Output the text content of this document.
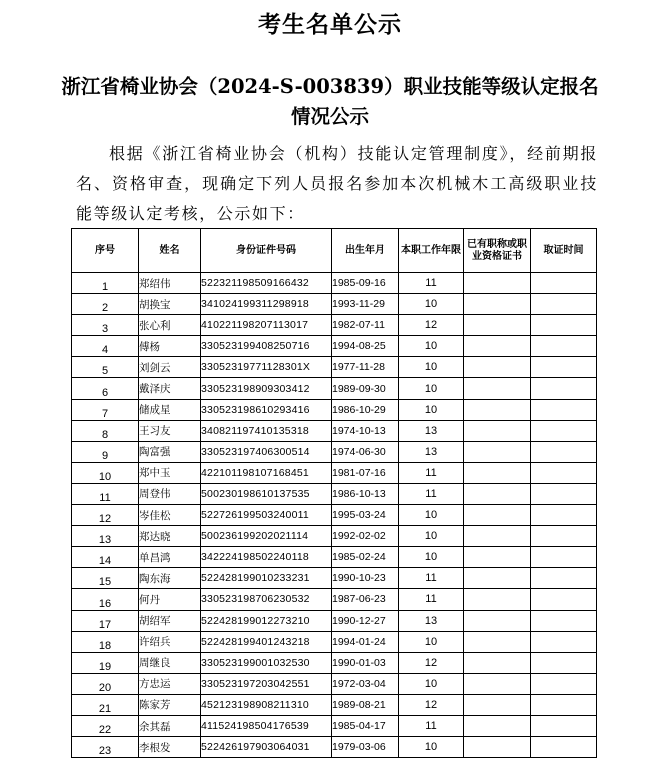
考生名单公示
浙江省椅业协会（2024-S-003839）职业技能等级认定报名情况公示
根据《浙江省椅业协会（机构）技能认定管理制度》，经前期报名、资格审查，现确定下列人员报名参加本次机械木工高级职业技能等级认定考核，公示如下：
序号	姓名	身份证件号码	出生年月	本职工作年限	已有职称或职业资格证书	取证时间
1	郑绍伟	522321198509166432	1985-09-16	11		
2	胡换宝	341024199311298918	1993-11-29	10		
3	张心利	410221198207113017	1982-07-11	12		
4	傅杨	330523199408250716	1994-08-25	10		
5	刘剑云	33052319771128301X	1977-11-28	10		
6	戴泽庆	330523198909303412	1989-09-30	10		
7	储成星	330523198610293416	1986-10-29	10		
8	王习友	340821197410135318	1974-10-13	13		
9	陶富强	330523197406300514	1974-06-30	13		
10	郑中玉	422101198107168451	1981-07-16	11		
11	周登伟	500230198610137535	1986-10-13	11		
12	岑佳松	522726199503240011	1995-03-24	10		
13	郑达晓	500236199202021114	1992-02-02	10		
14	单昌鸿	342224198502240118	1985-02-24	10		
15	陶东海	522428199010233231	1990-10-23	11		
16	何丹	330523198706230532	1987-06-23	11		
17	胡绍军	522428199012273210	1990-12-27	13		
18	许绍兵	522428199401243218	1994-01-24	10		
19	周继良	330523199001032530	1990-01-03	12		
20	方忠运	330523197203042551	1972-03-04	10		
21	陈家芳	452123198908211310	1989-08-21	12		
22	余其磊	411524198504176539	1985-04-17	11		
23	李根发	522426197903064031	1979-03-06	10		
